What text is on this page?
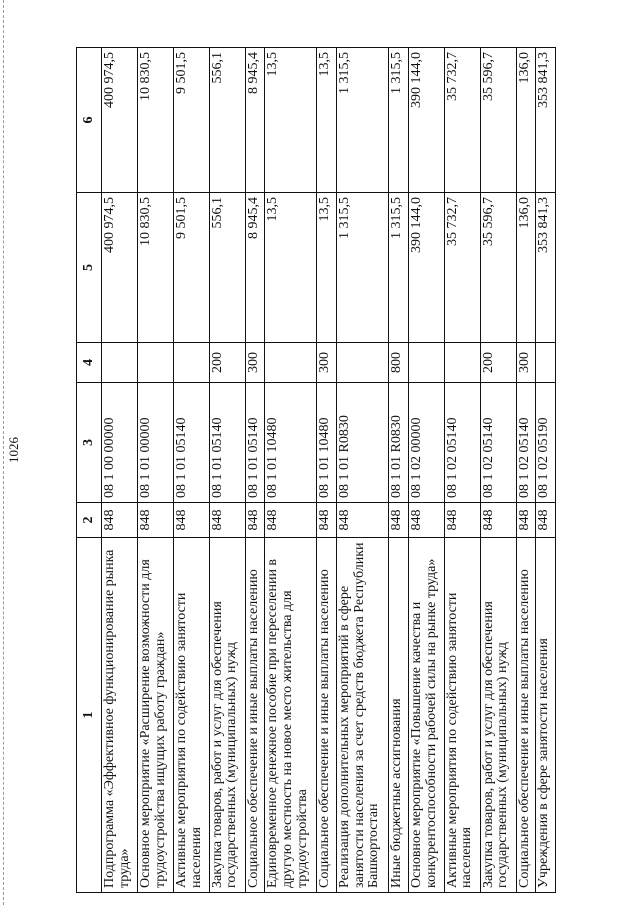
1026
1	2	3	4	5	6
Подпрограмма «Эффективное функционирование рынка труда»	848	08 1 00 00000		400 974,5	400 974,5
Основное мероприятие «Расширение возможности для трудоустройства ищущих работу граждан»	848	08 1 01 00000		10 830,5	10 830,5
Активные мероприятия по содействию занятости населения	848	08 1 01 05140		9 501,5	9 501,5
Закупка товаров, работ и услуг для обеспечения государственных (муниципальных) нужд	848	08 1 01 05140	200	556,1	556,1
Социальное обеспечение и иные выплаты населению	848	08 1 01 05140	300	8 945,4	8 945,4
Единовременное денежное пособие при переселении в другую местность на новое место жительства для трудоустройства	848	08 1 01 10480		13,5	13,5
Социальное обеспечение и иные выплаты населению	848	08 1 01 10480	300	13,5	13,5
Реализация дополнительных мероприятий в сфере занятости населения за счет средств бюджета Республики Башкортостан	848	08 1 01 R0830		1 315,5	1 315,5
Иные бюджетные ассигнования	848	08 1 01 R0830	800	1 315,5	1 315,5
Основное мероприятие «Повышение качества и конкурентоспособности рабочей силы на рынке труда»	848	08 1 02 00000		390 144,0	390 144,0
Активные мероприятия по содействию занятости населения	848	08 1 02 05140		35 732,7	35 732,7
Закупка товаров, работ и услуг для обеспечения государственных (муниципальных) нужд	848	08 1 02 05140	200	35 596,7	35 596,7
Социальное обеспечение и иные выплаты населению	848	08 1 02 05140	300	136,0	136,0
Учреждения в сфере занятости населения	848	08 1 02 05190		353 841,3	353 841,3
